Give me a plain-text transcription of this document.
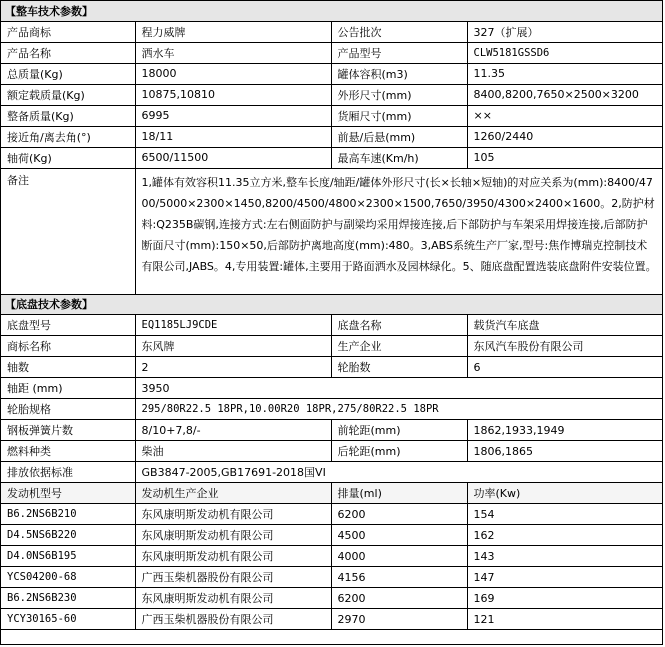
【整车技术参数】			
产品商标	程力威牌	公告批次	327（扩展）
产品名称	洒水车	产品型号	CLW5181GSSD6
总质量(Kg)	18000	罐体容积(m3)	11.35
额定载质量(Kg)	10875,10810	外形尺寸(mm)	8400,8200,7650×2500×3200
整备质量(Kg)	6995	货厢尺寸(mm)	××
接近角/离去角(°)	18/11	前悬/后悬(mm)	1260/2440
轴荷(Kg)	6500/11500	最高车速(Km/h)	105
备注	1,罐体有效容积11.35立方米,整车长度/轴距/罐体外形尺寸(长×长轴×短轴)的对应关系为(mm):8400/4700/5000×2300×1450,8200/4500/4800×2300×1500,7650/3950/4300×2400×1600。2,防护材料:Q235B碳钢,连接方式:左右侧面防护与副梁均采用焊接连接,后下部防护与车架采用焊接连接,后部防护断面尺寸(mm):150×50,后部防护离地高度(mm):480。3,ABS系统生产厂家,型号:焦作博瑞克控制技术有限公司,JABS。4,专用装置:罐体,主要用于路面洒水及园林绿化。5、随底盘配置选装底盘附件安装位置。		
【底盘技术参数】			
底盘型号	EQ1185LJ9CDE	底盘名称	载货汽车底盘
商标名称	东风牌	生产企业	东风汽车股份有限公司
轴数	2	轮胎数	6
轴距 (mm)	3950		
轮胎规格	295/80R22.5 18PR,10.00R20 18PR,275/80R22.5 18PR		
钢板弹簧片数	8/10+7,8/-	前轮距(mm)	1862,1933,1949
燃料种类	柴油	后轮距(mm)	1806,1865
排放依据标准	GB3847-2005,GB17691-2018国VI		
发动机型号	发动机生产企业	排量(ml)	功率(Kw)
B6.2NS6B210	东风康明斯发动机有限公司	6200	154
D4.5NS6B220	东风康明斯发动机有限公司	4500	162
D4.0NS6B195	东风康明斯发动机有限公司	4000	143
YCS04200-68	广西玉柴机器股份有限公司	4156	147
B6.2NS6B230	东风康明斯发动机有限公司	6200	169
YCY30165-60	广西玉柴机器股份有限公司	2970	121
